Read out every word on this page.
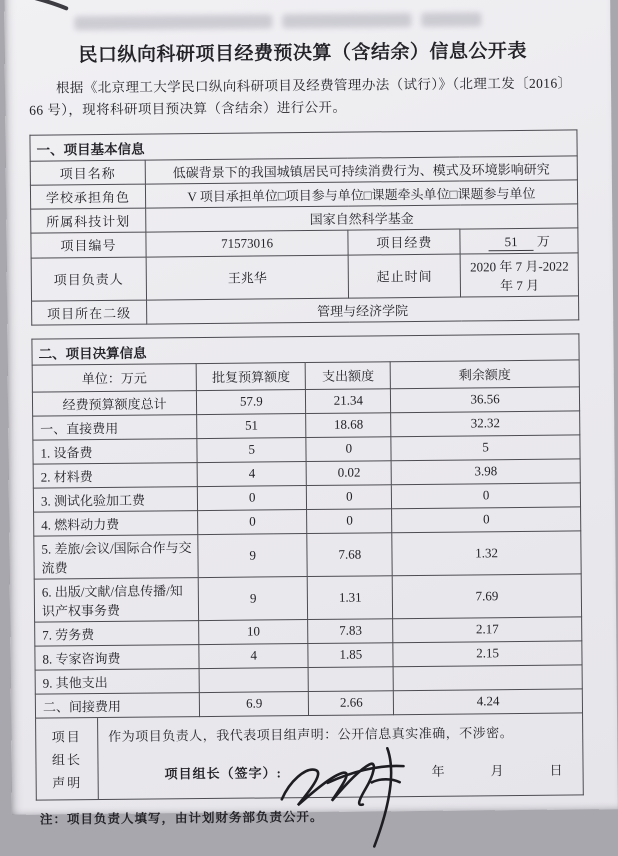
民口纵向科研项目经费预决算（含结余）信息公开表
根据《北京理工大学民口纵向科研项目及经费管理办法（试行）》（北理工发〔2016〕66 号），现将科研项目预决算（含结余）进行公开。
一、项目基本信息
项目名称	低碳背景下的我国城镇居民可持续消费行为、模式及环境影响研究		
学校承担角色	V 项目承担单位□项目参与单位□课题牵头单位□课题参与单位		
所属科技计划	国家自然科学基金		
项目编号	71573016	项目经费	51 万
项目负责人	王兆华	起止时间	2020 年 7 月-2022 年 7 月
项目所在二级	管理与经济学院		
二、项目决算信息
单位：万元	批复预算额度	支出额度	剩余额度
经费预算额度总计	57.9	21.34	36.56
一、直接费用	51	18.68	32.32
1. 设备费	5	0	5
2. 材料费	4	0.02	3.98
3. 测试化验加工费	0	0	0
4. 燃料动力费	0	0	0
5. 差旅/会议/国际合作与交流费	9	7.68	1.32
6. 出版/文献/信息传播/知识产权事务费	9	1.31	7.69
7. 劳务费	10	7.83	2.17
8. 专家咨询费	4	1.85	2.15
9. 其他支出			
二、间接费用	6.9	2.66	4.24
项目
组长
声明
作为项目负责人，我代表项目组声明：公开信息真实准确，不涉密。
项目组长（签字）:	年	月	日
注：项目负责人填写，由计划财务部负责公开。
